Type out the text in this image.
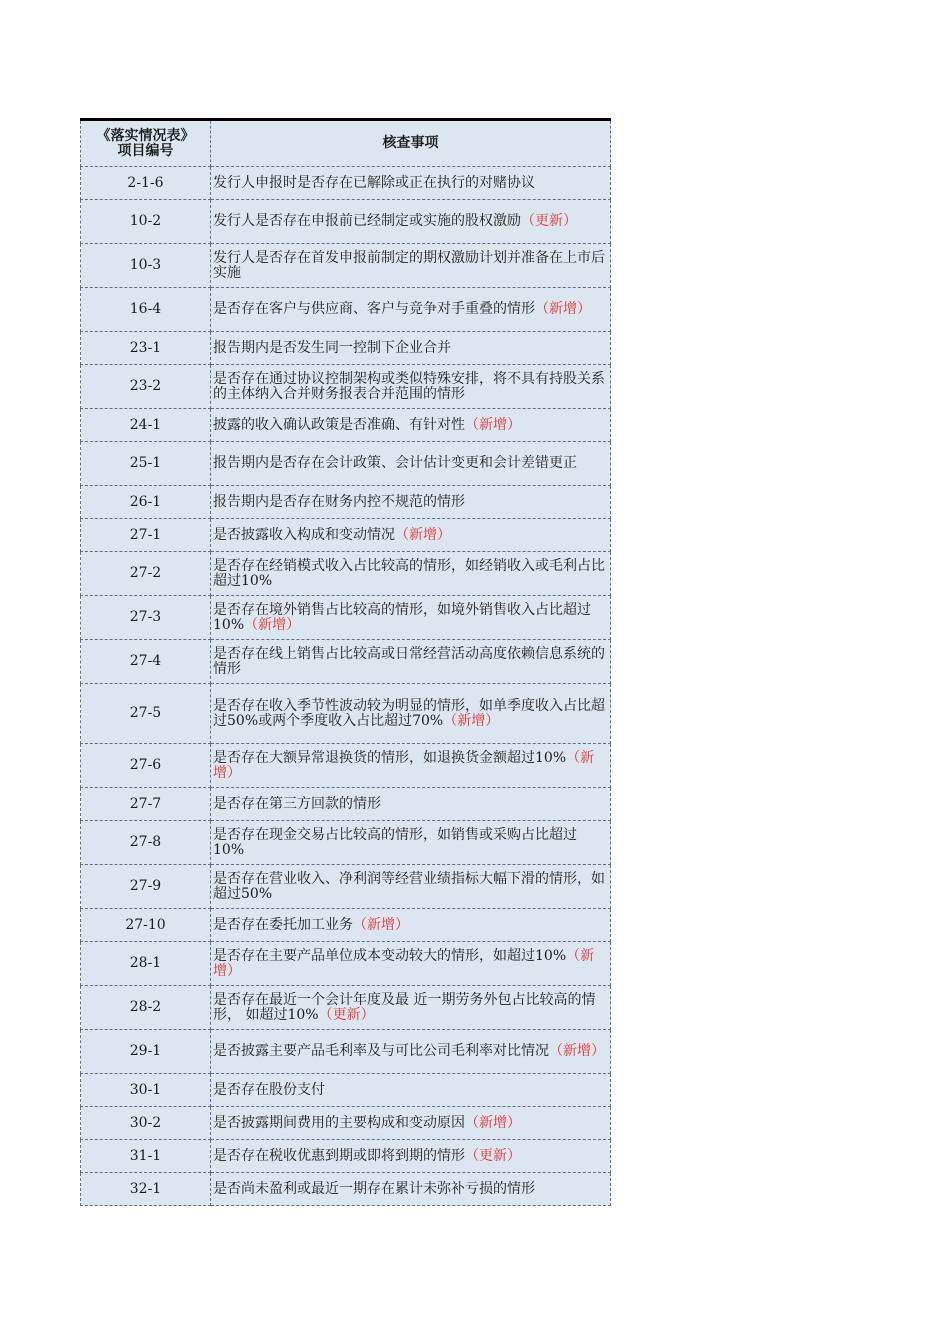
《落实情况表》
项目编号	核查事项
2-1-6	发行人申报时是否存在已解除或正在执行的对赌协议
10-2	发行人是否存在申报前已经制定或实施的股权激励（更新）
10-3	发行人是否存在首发申报前制定的期权激励计划并准备在上市后实施
16-4	是否存在客户与供应商、客户与竞争对手重叠的情形（新增）
23-1	报告期内是否发生同一控制下企业合并
23-2	是否存在通过协议控制架构或类似特殊安排，将不具有持股关系的主体纳入合并财务报表合并范围的情形
24-1	披露的收入确认政策是否准确、有针对性（新增）
25-1	报告期内是否存在会计政策、会计估计变更和会计差错更正
26-1	报告期内是否存在财务内控不规范的情形
27-1	是否披露收入构成和变动情况（新增）
27-2	是否存在经销模式收入占比较高的情形，如经销收入或毛利占比超过10%
27-3	是否存在境外销售占比较高的情形，如境外销售收入占比超过10%（新增）
27-4	是否存在线上销售占比较高或日常经营活动高度依赖信息系统的情形
27-5	是否存在收入季节性波动较为明显的情形，如单季度收入占比超过50%或两个季度收入占比超过70%（新增）
27-6	是否存在大额异常退换货的情形，如退换货金额超过10%（新增）
27-7	是否存在第三方回款的情形
27-8	是否存在现金交易占比较高的情形，如销售或采购占比超过10%
27-9	是否存在营业收入、净利润等经营业绩指标大幅下滑的情形，如超过50%
27-10	是否存在委托加工业务（新增）
28-1	是否存在主要产品单位成本变动较大的情形，如超过10%（新增）
28-2	是否存在最近一个会计年度及最 近一期劳务外包占比较高的情形， 如超过10%（更新）
29-1	是否披露主要产品毛利率及与可比公司毛利率对比情况（新增）
30-1	是否存在股份支付
30-2	是否披露期间费用的主要构成和变动原因（新增）
31-1	是否存在税收优惠到期或即将到期的情形（更新）
32-1	是否尚未盈利或最近一期存在累计未弥补亏损的情形
